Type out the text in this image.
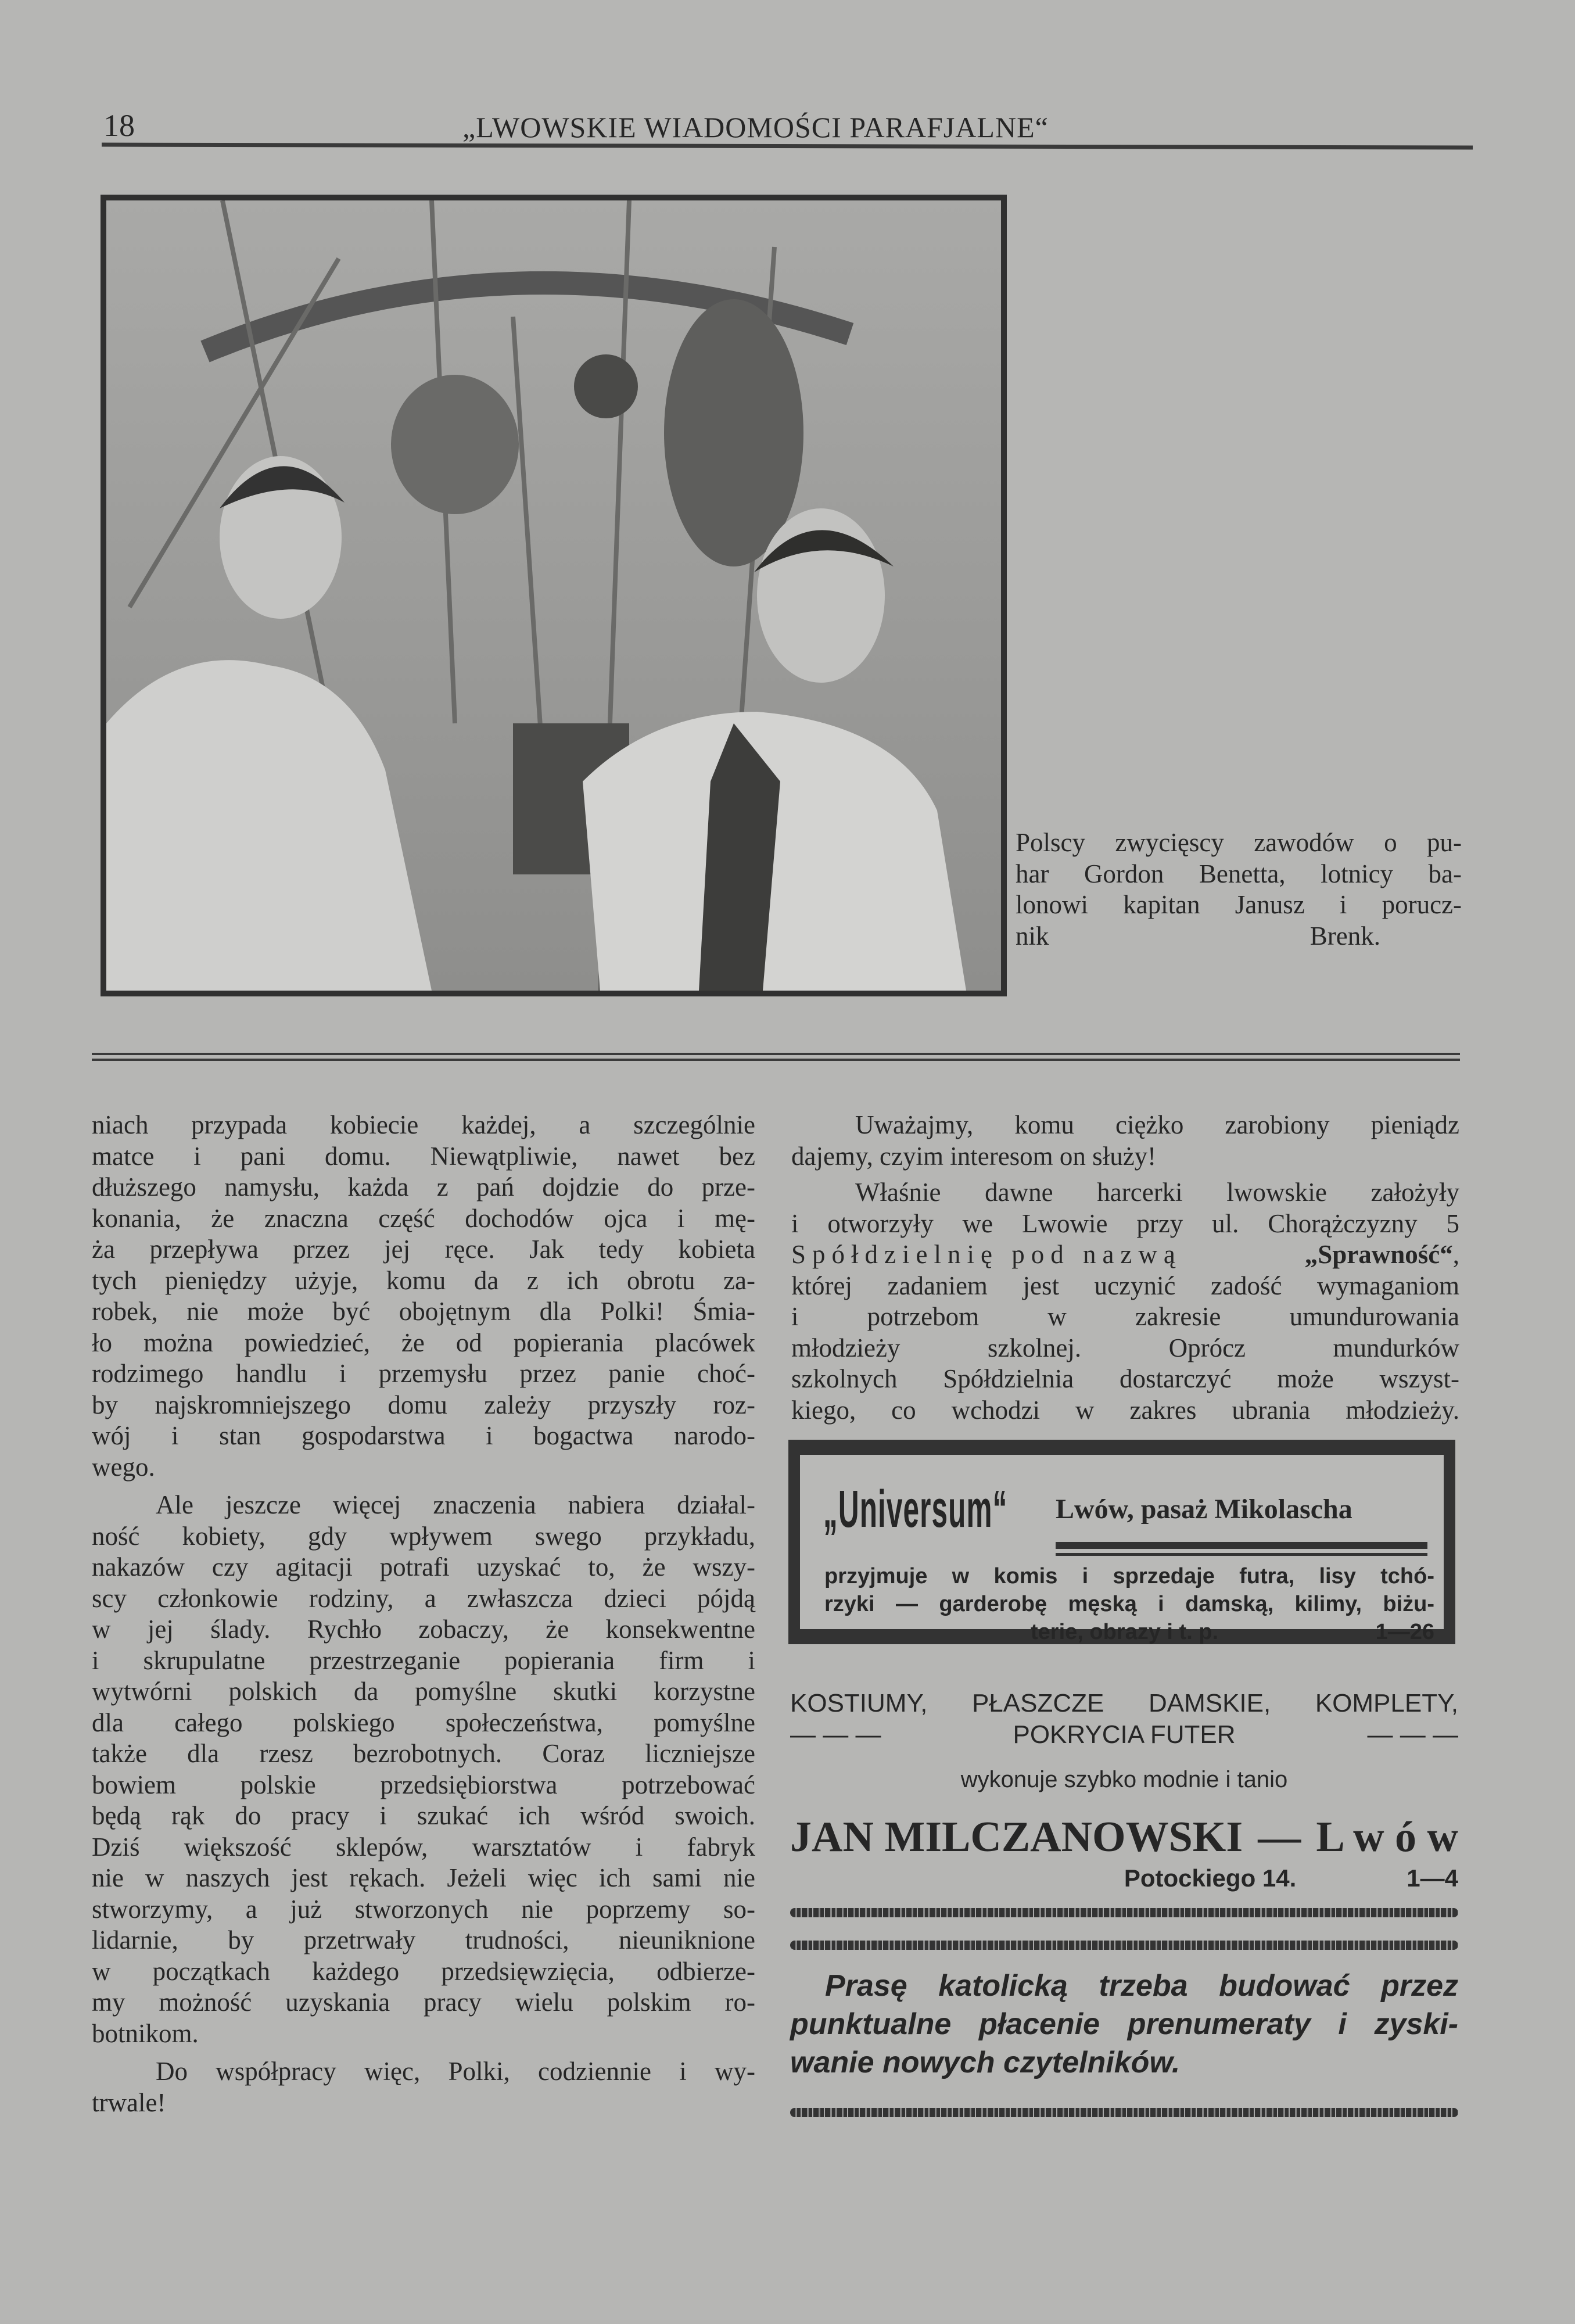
18	„LWOWSKIE WIADOMOŚCI PARAFJALNE“
Polscy zwycięscy zawodów o pu-
har Gordon Benetta, lotnicy ba-
lonowi kapitan Janusz i porucz-
nik Brenk.
niach przypada kobiecie każdej, a szczególnie
matce i pani domu. Niewątpliwie, nawet bez
dłuższego namysłu, każda z pań dojdzie do prze-
konania, że znaczna część dochodów ojca i mę-
ża przepływa przez jej ręce. Jak tedy kobieta
tych pieniędzy użyje, komu da z ich obrotu za-
robek, nie może być obojętnym dla Polki! Śmia-
ło można powiedzieć, że od popierania placówek
rodzimego handlu i przemysłu przez panie choć-
by najskromniejszego domu zależy przyszły roz-
wój i stan gospodarstwa i bogactwa narodo-
wego.
Ale jeszcze więcej znaczenia nabiera działal-
ność kobiety, gdy wpływem swego przykładu,
nakazów czy agitacji potrafi uzyskać to, że wszy-
scy członkowie rodziny, a zwłaszcza dzieci pójdą
w jej ślady. Rychło zobaczy, że konsekwentne
i skrupulatne przestrzeganie popierania firm i
wytwórni polskich da pomyślne skutki korzystne
dla całego polskiego społeczeństwa, pomyślne
także dla rzesz bezrobotnych. Coraz liczniejsze
bowiem polskie przedsiębiorstwa potrzebować
będą rąk do pracy i szukać ich wśród swoich.
Dziś większość sklepów, warsztatów i fabryk
nie w naszych jest rękach. Jeżeli więc ich sami nie
stworzymy, a już stworzonych nie poprzemy so-
lidarnie, by przetrwały trudności, nieuniknione
w początkach każdego przedsięwzięcia, odbierze-
my możność uzyskania pracy wielu polskim ro-
botnikom.
Do współpracy więc, Polki, codziennie i wy-
trwale!
Uważajmy, komu ciężko zarobiony pieniądz
dajemy, czyim interesom on służy!
Właśnie dawne harcerki lwowskie założyły
i otworzyły we Lwowie przy ul. Chorążczyzny 5
Spółdzielnię pod nazwą	„Sprawność“,
której zadaniem jest uczynić zadość wymaganiom
i potrzebom w zakresie umundurowania
młodzieży szkolnej. Oprócz mundurków
szkolnych Spółdzielnia dostarczyć może wszyst-
kiego, co wchodzi w zakres ubrania młodzieży.
„Universum“ Lwów, pasaż Mikolascha
przyjmuje w komis i sprzedaje futra, lisy tchó-
rzyki — garderobę męską i damską, kilimy, biżu-
terie, obrazy i t. p.	1—26
KOSTIUMY, PŁASZCZE DAMSKIE, KOMPLETY,
— — —	POKRYCIA FUTER	— — —
wykonuje szybko modnie i tanio
JAN MILCZANOWSKI — L w ó w
Potockiego 14.	1—4
Prasę katolicką trzeba budować przez
punktualne płacenie prenumeraty i zyski-
wanie nowych czytelników.
